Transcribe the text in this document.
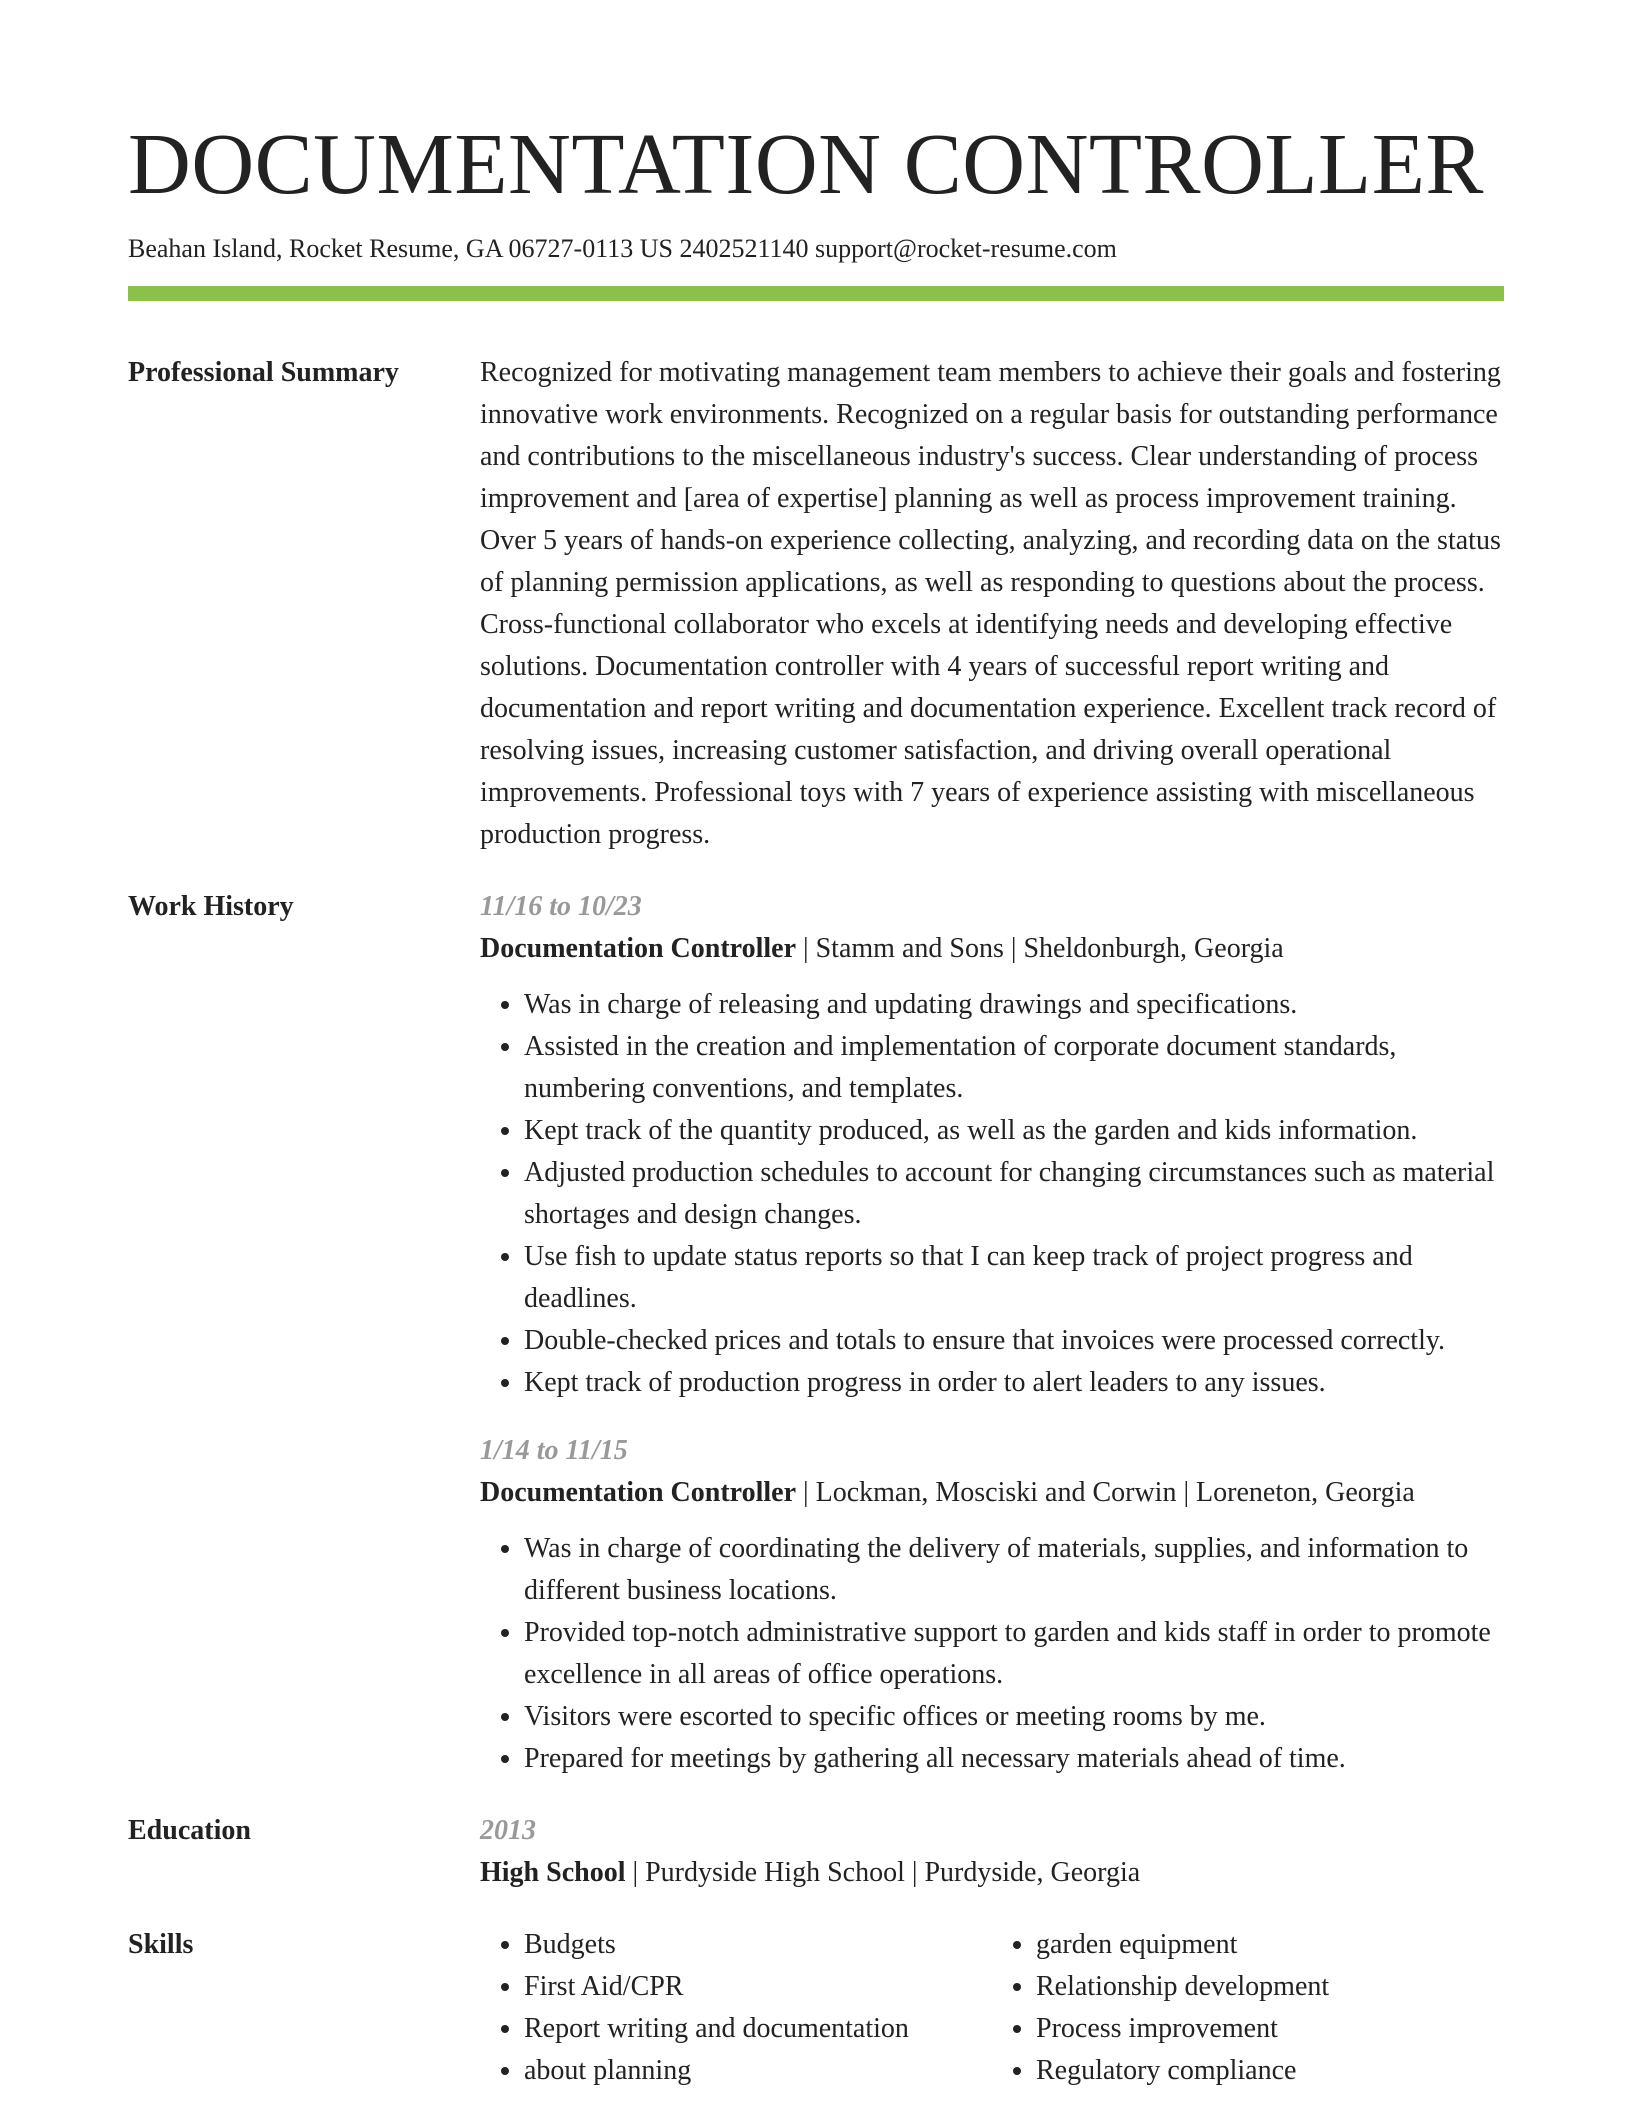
DOCUMENTATION CONTROLLER
Beahan Island, Rocket Resume, GA 06727-0113 US 2402521140 support@rocket-resume.com
Professional Summary	Recognized for motivating management team members to achieve their goals and fostering innovative work environments. Recognized on a regular basis for outstanding performance and contributions to the miscellaneous industry's success. Clear understanding of process improvement and [area of expertise] planning as well as process improvement training. Over 5 years of hands-on experience collecting, analyzing, and recording data on the status of planning permission applications, as well as responding to questions about the process. Cross-functional collaborator who excels at identifying needs and developing effective solutions. Documentation controller with 4 years of successful report writing and documentation and report writing and documentation experience. Excellent track record of resolving issues, increasing customer satisfaction, and driving overall operational improvements. Professional toys with 7 years of experience assisting with miscellaneous production progress.

Work History	11/16 to 10/23
Documentation Controller | Stamm and Sons | Sheldonburgh, Georgia
• Was in charge of releasing and updating drawings and specifications.
• Assisted in the creation and implementation of corporate document standards, numbering conventions, and templates.
• Kept track of the quantity produced, as well as the garden and kids information.
• Adjusted production schedules to account for changing circumstances such as material shortages and design changes.
• Use fish to update status reports so that I can keep track of project progress and deadlines.
• Double-checked prices and totals to ensure that invoices were processed correctly.
• Kept track of production progress in order to alert leaders to any issues.
1/14 to 11/15
Documentation Controller | Lockman, Mosciski and Corwin | Loreneton, Georgia
• Was in charge of coordinating the delivery of materials, supplies, and information to different business locations.
• Provided top-notch administrative support to garden and kids staff in order to promote excellence in all areas of office operations.
• Visitors were escorted to specific offices or meeting rooms by me.
• Prepared for meetings by gathering all necessary materials ahead of time.
Education	2013
High School | Purdyside High School | Purdyside, Georgia
Skills
•	Budgets
• First Aid/CPR
• Report writing and documentation
• about planning
• garden equipment
• Relationship development
• Process improvement
• Regulatory compliance
